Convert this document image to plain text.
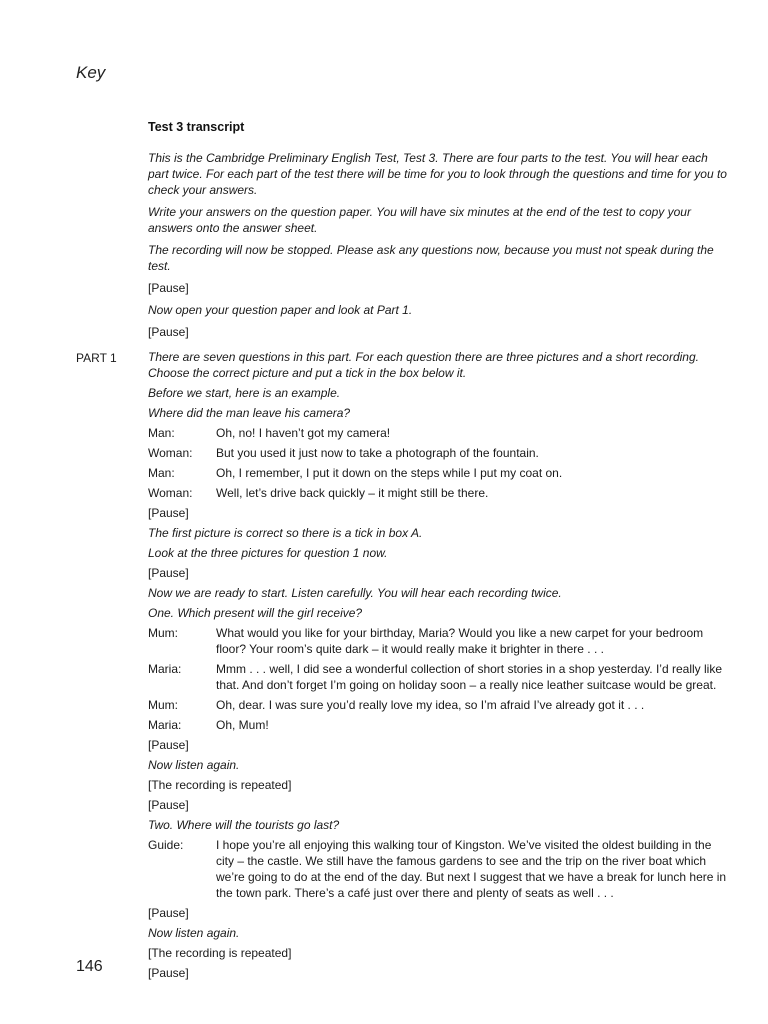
Key
Test 3 transcript

This is the Cambridge Preliminary English Test, Test 3. There are four parts to the test. You will hear each part twice. For each part of the test there will be time for you to look through the questions and time for you to check your answers.

Write your answers on the question paper. You will have six minutes at the end of the test to copy your answers onto the answer sheet.

The recording will now be stopped. Please ask any questions now, because you must not speak during the test.

[Pause]

Now open your question paper and look at Part 1.

[Pause]

PART 1	There are seven questions in this part. For each question there are three pictures and a short recording. Choose the correct picture and put a tick in the box below it.
Before we start, here is an example.
Where did the man leave his camera?
Man:	Oh, no! I haven’t got my camera!
Woman:	But you used it just now to take a photograph of the fountain.
Man:	Oh, I remember, I put it down on the steps while I put my coat on.
Woman:	Well, let’s drive back quickly – it might still be there.
[Pause]
The first picture is correct so there is a tick in box A.
Look at the three pictures for question 1 now.
[Pause]
Now we are ready to start. Listen carefully. You will hear each recording twice.
One. Which present will the girl receive?
Mum:	What would you like for your birthday, Maria? Would you like a new carpet for your bedroom floor? Your room’s quite dark – it would really make it brighter in there . . .
Maria:	Mmm . . . well, I did see a wonderful collection of short stories in a shop yesterday. I’d really like that. And don’t forget I’m going on holiday soon – a really nice leather suitcase would be great.
Mum:	Oh, dear. I was sure you’d really love my idea, so I’m afraid I’ve already got it . . .
Maria:	Oh, Mum!
[Pause]
Now listen again.
[The recording is repeated]
[Pause]
Two. Where will the tourists go last?
Guide:	I hope you’re all enjoying this walking tour of Kingston. We’ve visited the oldest building in the city – the castle. We still have the famous gardens to see and the trip on the river boat which we’re going to do at the end of the day. But next I suggest that we have a break for lunch here in the town park. There’s a café just over there and plenty of seats as well . . .
[Pause]
Now listen again.
[The recording is repeated]
[Pause]
146
